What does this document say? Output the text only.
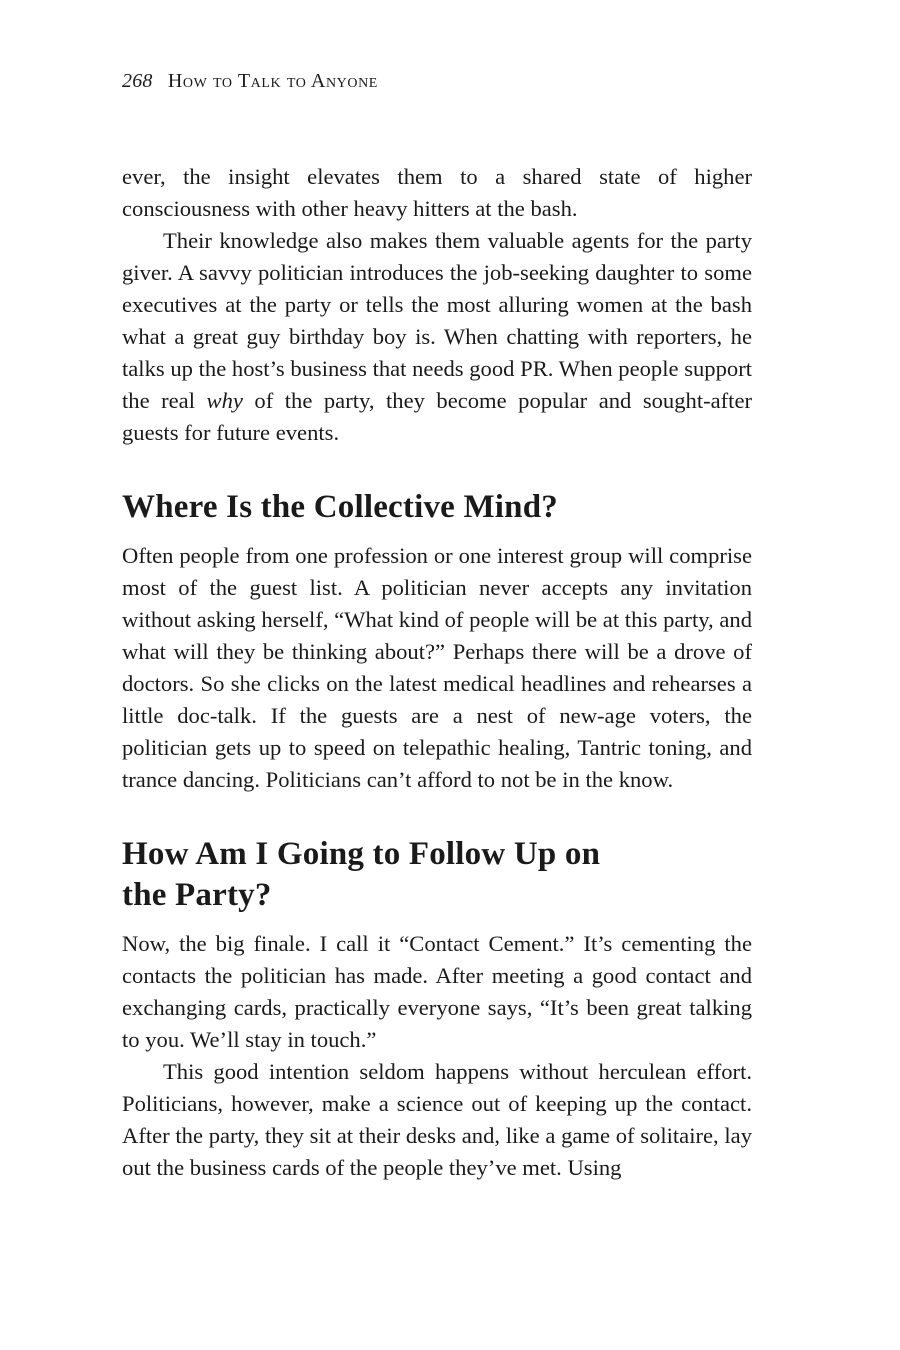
268 How to Talk to Anyone

ever, the insight elevates them to a shared state of higher consciousness with other heavy hitters at the bash.

Their knowledge also makes them valuable agents for the party giver. A savvy politician introduces the job-seeking daughter to some executives at the party or tells the most alluring women at the bash what a great guy birthday boy is. When chatting with reporters, he talks up the host’s business that needs good PR. When people support the real why of the party, they become popular and sought-after guests for future events.

Where Is the Collective Mind?

Often people from one profession or one interest group will comprise most of the guest list. A politician never accepts any invitation without asking herself, “What kind of people will be at this party, and what will they be thinking about?” Perhaps there will be a drove of doctors. So she clicks on the latest medical headlines and rehearses a little doc-talk. If the guests are a nest of new-age voters, the politician gets up to speed on telepathic healing, Tantric toning, and trance dancing. Politicians can’t afford to not be in the know.

How Am I Going to Follow Up on the Party?

Now, the big finale. I call it “Contact Cement.” It’s cementing the contacts the politician has made. After meeting a good contact and exchanging cards, practically everyone says, “It’s been great talking to you. We’ll stay in touch.”

This good intention seldom happens without herculean effort. Politicians, however, make a science out of keeping up the contact. After the party, they sit at their desks and, like a game of solitaire, lay out the business cards of the people they’ve met. Using
